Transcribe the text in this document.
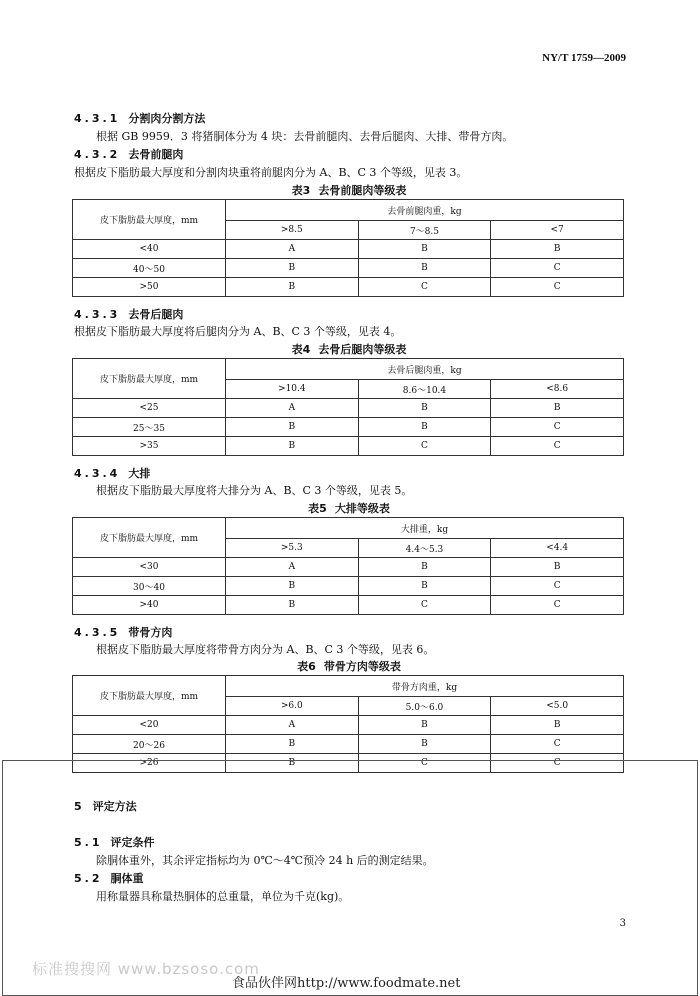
NY/T 1759—2009
4.3.1 分割肉分割方法
根据 GB 9959．3 将猪胴体分为 4 块：去骨前腿肉、去骨后腿肉、大排、带骨方肉。
4.3.2 去骨前腿肉
根据皮下脂肪最大厚度和分割肉块重将前腿肉分为 A、B、C 3 个等级，见表 3。
表3 去骨前腿肉等级表
皮下脂肪最大厚度，mm	去骨前腿肉重，kg		
	>8.5	7～8.5	<7
<40	A	B	B
40～50	B	B	C
>50	B	C	C
4.3.3 去骨后腿肉
根据皮下脂肪最大厚度将后腿肉分为 A、B、C 3 个等级，见表 4。
表4 去骨后腿肉等级表
皮下脂肪最大厚度，mm	去骨后腿肉重，kg		
	>10.4	8.6～10.4	<8.6
<25	A	B	B
25～35	B	B	C
>35	B	C	C
4.3.4 大排
根据皮下脂肪最大厚度将大排分为 A、B、C 3 个等级，见表 5。
表5 大排等级表
皮下脂肪最大厚度，mm	大排重，kg		
	>5.3	4.4～5.3	<4.4
<30	A	B	B
30～40	B	B	C
>40	B	C	C
4.3.5 带骨方肉
根据皮下脂肪最大厚度将带骨方肉分为 A、B、C 3 个等级，见表 6。
表6 带骨方肉等级表
皮下脂肪最大厚度，mm	带骨方肉重，kg		
	>6.0	5.0～6.0	<5.0
<20	A	B	B
20～26	B	B	C
>26	B	C	C
5 评定方法
5.1 评定条件
除胴体重外，其余评定指标均为 0℃～4℃预冷 24 h 后的测定结果。
5.2 胴体重
用称量器具称量热胴体的总重量，单位为千克(kg)。
3
标准搜搜网 www.bzsoso.com
食品伙伴网http://www.foodmate.net
